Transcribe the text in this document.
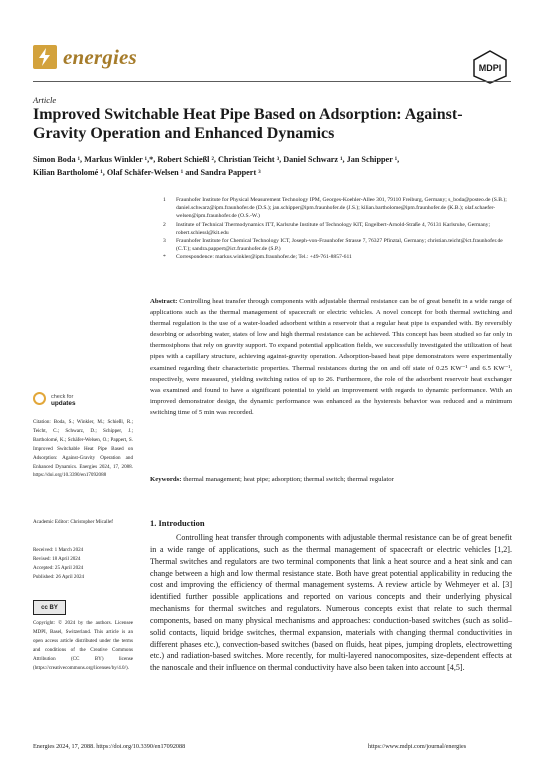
energies	MDPI
Article
Improved Switchable Heat Pipe Based on Adsorption: Against-Gravity Operation and Enhanced Dynamics
Simon Boda ¹, Markus Winkler ¹,*, Robert Schießl ², Christian Teicht ³, Daniel Schwarz ¹, Jan Schipper ¹,
Kilian Bartholomé ¹, Olaf Schäfer-Welsen ¹ and Sandra Pappert ³
1	Fraunhofer Institute for Physical Measurement Technology IPM, Georges-Koehler-Allee 301, 79110 Freiburg, Germany; s_boda@posteo.de (S.B.); daniel.schwarz@ipm.fraunhofer.de (D.S.); jan.schipper@ipm.fraunhofer.de (J.S.); kilian.bartholome@ipm.fraunhofer.de (K.B.); olaf.schaefer-welsen@ipm.fraunhofer.de (O.S.-W.)
2	Institute of Technical Thermodynamics ITT, Karlsruhe Institute of Technology KIT, Engelbert-Arnold-Straße 4, 76131 Karlsruhe, Germany; robert.schiessl@kit.edu
3	Fraunhofer Institute for Chemical Technology ICT, Joseph-von-Fraunhofer Strasse 7, 76327 Pfinztal, Germany; christian.teicht@ict.fraunhofer.de (C.T.); sandra.pappert@ict.fraunhofer.de (S.P.)
*	Correspondence: markus.winkler@ipm.fraunhofer.de; Tel.: +49-761-8857-611
Abstract: Controlling heat transfer through components with adjustable thermal resistance can be of great benefit in a wide range of applications such as the thermal management of spacecraft or electric vehicles. A novel concept for both thermal switching and thermal regulation is the use of a water-loaded adsorbent within a reservoir that a regular heat pipe is expanded with. By reversibly desorbing or adsorbing water, states of low and high thermal resistance can be achieved. This concept has been studied so far only in thermosiphons that rely on gravity support. To expand potential application fields, we successfully investigated the utilization of heat pipes with a capillary structure, achieving against-gravity operation. Adsorption-based heat pipe demonstrators were experimentally examined regarding their characteristic properties. Thermal resistances during the on and off state of 0.25 KW⁻¹ and 6.5 KW⁻¹, respectively, were measured, yielding switching ratios of up to 26. Furthermore, the role of the adsorbent reservoir heat exchanger was examined and found to have a significant potential to yield an improvement with regards to dynamic performance. With an improved demonstrator design, the dynamic performance was enhanced as the hysteresis behavior was reduced and a minimum switching time of 5 min was recorded.
Keywords: thermal management; heat pipe; adsorption; thermal switch; thermal regulator
check for
updates
Citation: Boda, S.; Winkler, M.; Schießl, R.; Teicht, C.; Schwarz, D.; Schipper, J.; Bartholomé, K.; Schäfer-Welsen, O.; Pappert, S. Improved Switchable Heat Pipe Based on Adsorption: Against-Gravity Operation and Enhanced Dynamics. Energies 2024, 17, 2088. https://doi.org/10.3390/en17092088
Academic Editor: Christopher Micallef
Received: 1 March 2024
Revised: 18 April 2024
Accepted: 25 April 2024
Published: 26 April 2024
cc BY
Copyright: © 2024 by the authors. Licensee MDPI, Basel, Switzerland. This article is an open access article distributed under the terms and conditions of the Creative Commons Attribution (CC BY) license (https://creativecommons.org/licenses/by/4.0/).
1. Introduction
Controlling heat transfer through components with adjustable thermal resistance can be of great benefit in a wide range of applications, such as the thermal management of spacecraft or electric vehicles [1,2]. Thermal switches and regulators are two terminal components that link a heat source and a heat sink and can change between a high and low thermal resistance state. Both have great potential applicability in reducing the cost and improving the efficiency of thermal management systems. A review article by Wehmeyer et al. [3] identified further possible applications and reported on various concepts and their underlying physical mechanisms for thermal switches and regulators. Numerous concepts exist that relate to such thermal components, based on many physical mechanisms and approaches: conduction-based switches (such as solid–solid contacts, liquid bridge switches, thermal expansion, materials with changing thermal conductivities in different phases etc.), convection-based switches (based on fluids, heat pipes, jumping droplets, electrowetting etc.) and radiation-based switches. More recently, for multi-layered nanocomposites, size-dependent effects at the nanoscale and their influence on thermal conductivity have also been taken into account [4,5].
Energies 2024, 17, 2088. https://doi.org/10.3390/en17092088	https://www.mdpi.com/journal/energies
